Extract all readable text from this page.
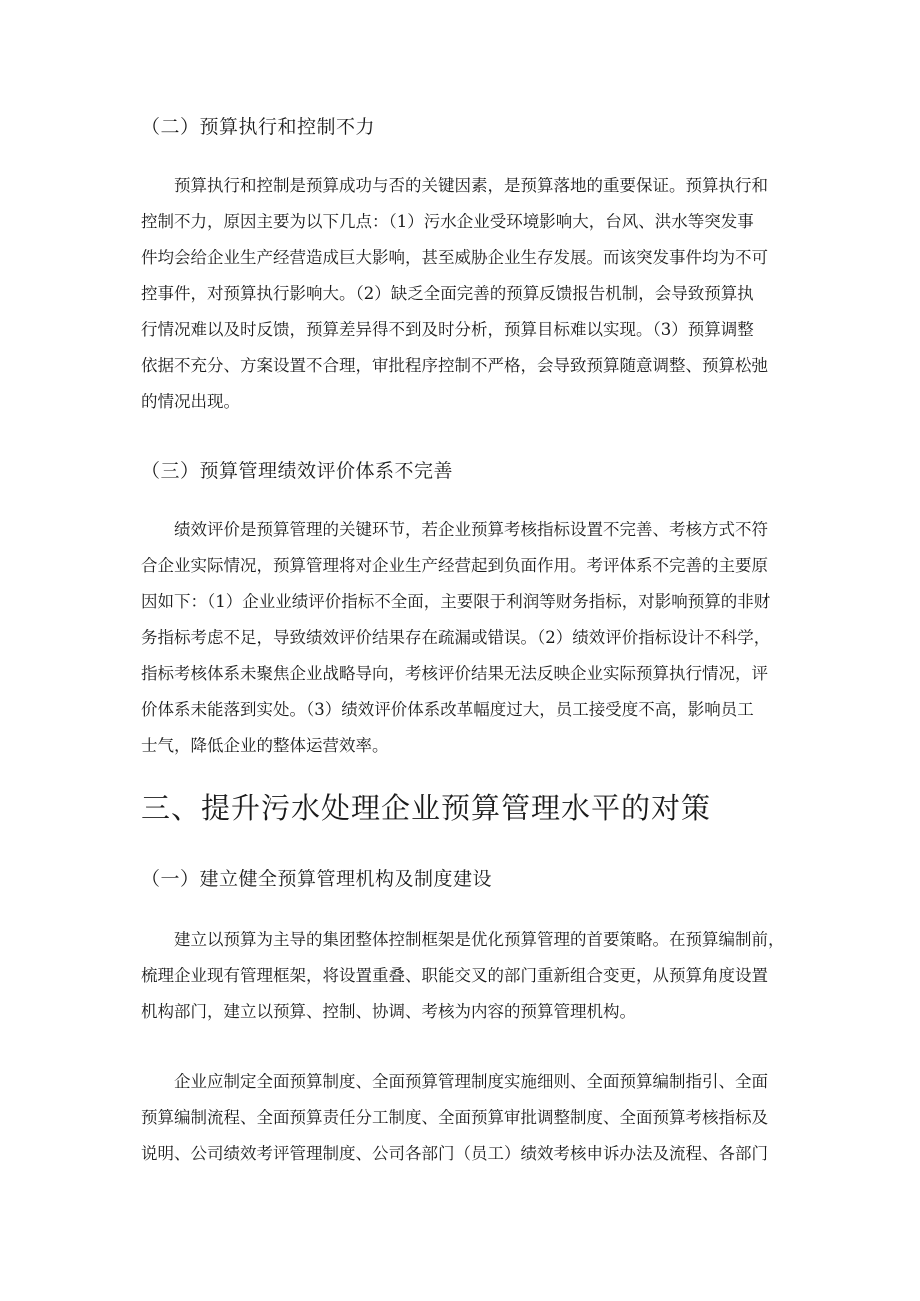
（二）预算执行和控制不力
预算执行和控制是预算成功与否的关键因素，是预算落地的重要保证。预算执行和
控制不力，原因主要为以下几点：（1）污水企业受环境影响大，台风、洪水等突发事
件均会给企业生产经营造成巨大影响，甚至威胁企业生存发展。而该突发事件均为不可
控事件，对预算执行影响大。（2）缺乏全面完善的预算反馈报告机制，会导致预算执
行情况难以及时反馈，预算差异得不到及时分析，预算目标难以实现。（3）预算调整
依据不充分、方案设置不合理，审批程序控制不严格，会导致预算随意调整、预算松弛
的情况出现。
（三）预算管理绩效评价体系不完善
绩效评价是预算管理的关键环节，若企业预算考核指标设置不完善、考核方式不符
合企业实际情况，预算管理将对企业生产经营起到负面作用。考评体系不完善的主要原
因如下：（1）企业业绩评价指标不全面，主要限于利润等财务指标，对影响预算的非财
务指标考虑不足，导致绩效评价结果存在疏漏或错误。（2）绩效评价指标设计不科学，
指标考核体系未聚焦企业战略导向，考核评价结果无法反映企业实际预算执行情况，评
价体系未能落到实处。（3）绩效评价体系改革幅度过大，员工接受度不高，影响员工
士气，降低企业的整体运营效率。
三、提升污水处理企业预算管理水平的对策
（一）建立健全预算管理机构及制度建设
建立以预算为主导的集团整体控制框架是优化预算管理的首要策略。在预算编制前，
梳理企业现有管理框架，将设置重叠、职能交叉的部门重新组合变更，从预算角度设置
机构部门，建立以预算、控制、协调、考核为内容的预算管理机构。
企业应制定全面预算制度、全面预算管理制度实施细则、全面预算编制指引、全面
预算编制流程、全面预算责任分工制度、全面预算审批调整制度、全面预算考核指标及
说明、公司绩效考评管理制度、公司各部门（员工）绩效考核申诉办法及流程、各部门
